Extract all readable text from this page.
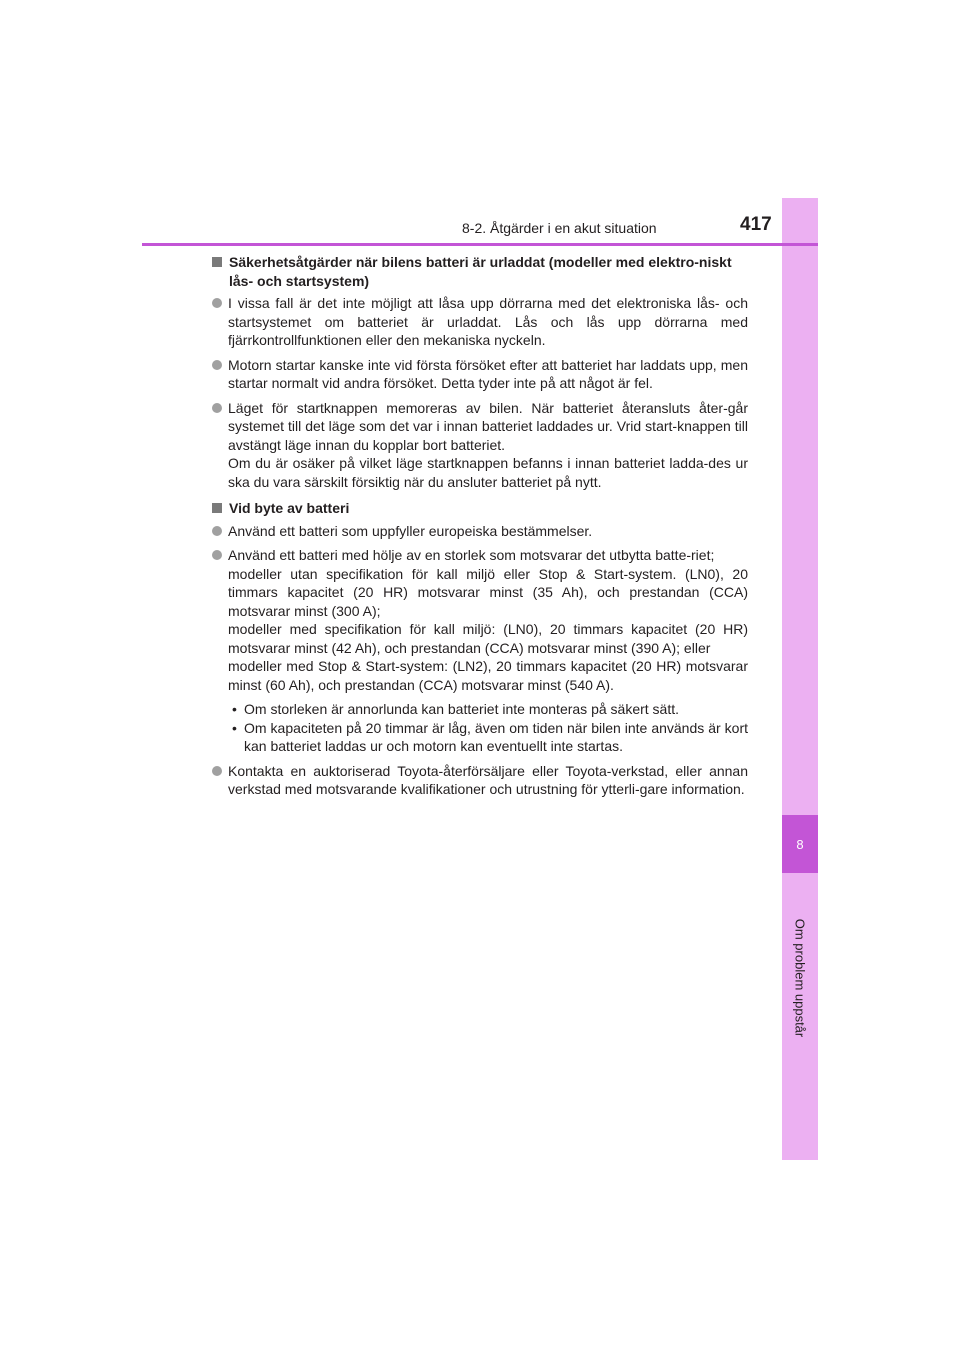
8
Om problem uppstår
8-2. Åtgärder i en akut situation	417
Säkerhetsåtgärder när bilens batteri är urladdat (modeller med elektro-niskt lås- och startsystem)
I vissa fall är det inte möjligt att låsa upp dörrarna med det elektroniska lås- och startsystemet om batteriet är urladdat. Lås och lås upp dörrarna med fjärrkontrollfunktionen eller den mekaniska nyckeln.
Motorn startar kanske inte vid första försöket efter att batteriet har laddats upp, men startar normalt vid andra försöket. Detta tyder inte på att något är fel.
Läget för startknappen memoreras av bilen. När batteriet återansluts åter-går systemet till det läge som det var i innan batteriet laddades ur. Vrid start-knappen till avstängt läge innan du kopplar bort batteriet.
Om du är osäker på vilket läge startknappen befanns i innan batteriet ladda-des ur ska du vara särskilt försiktig när du ansluter batteriet på nytt.
Vid byte av batteri
Använd ett batteri som uppfyller europeiska bestämmelser.
Använd ett batteri med hölje av en storlek som motsvarar det utbytta batte-riet;
modeller utan specifikation för kall miljö eller Stop & Start-system. (LN0), 20 timmars kapacitet (20 HR) motsvarar minst (35 Ah), och prestandan (CCA) motsvarar minst (300 A);
modeller med specifikation för kall miljö: (LN0), 20 timmars kapacitet (20 HR) motsvarar minst (42 Ah), och prestandan (CCA) motsvarar minst (390 A); eller
modeller med Stop & Start-system: (LN2), 20 timmars kapacitet (20 HR) motsvarar minst (60 Ah), och prestandan (CCA) motsvarar minst (540 A).
• Om storleken är annorlunda kan batteriet inte monteras på säkert sätt.
• Om kapaciteten på 20 timmar är låg, även om tiden när bilen inte används är kort kan batteriet laddas ur och motorn kan eventuellt inte startas.
Kontakta en auktoriserad Toyota-återförsäljare eller Toyota-verkstad, eller annan verkstad med motsvarande kvalifikationer och utrustning för ytterli-gare information.
